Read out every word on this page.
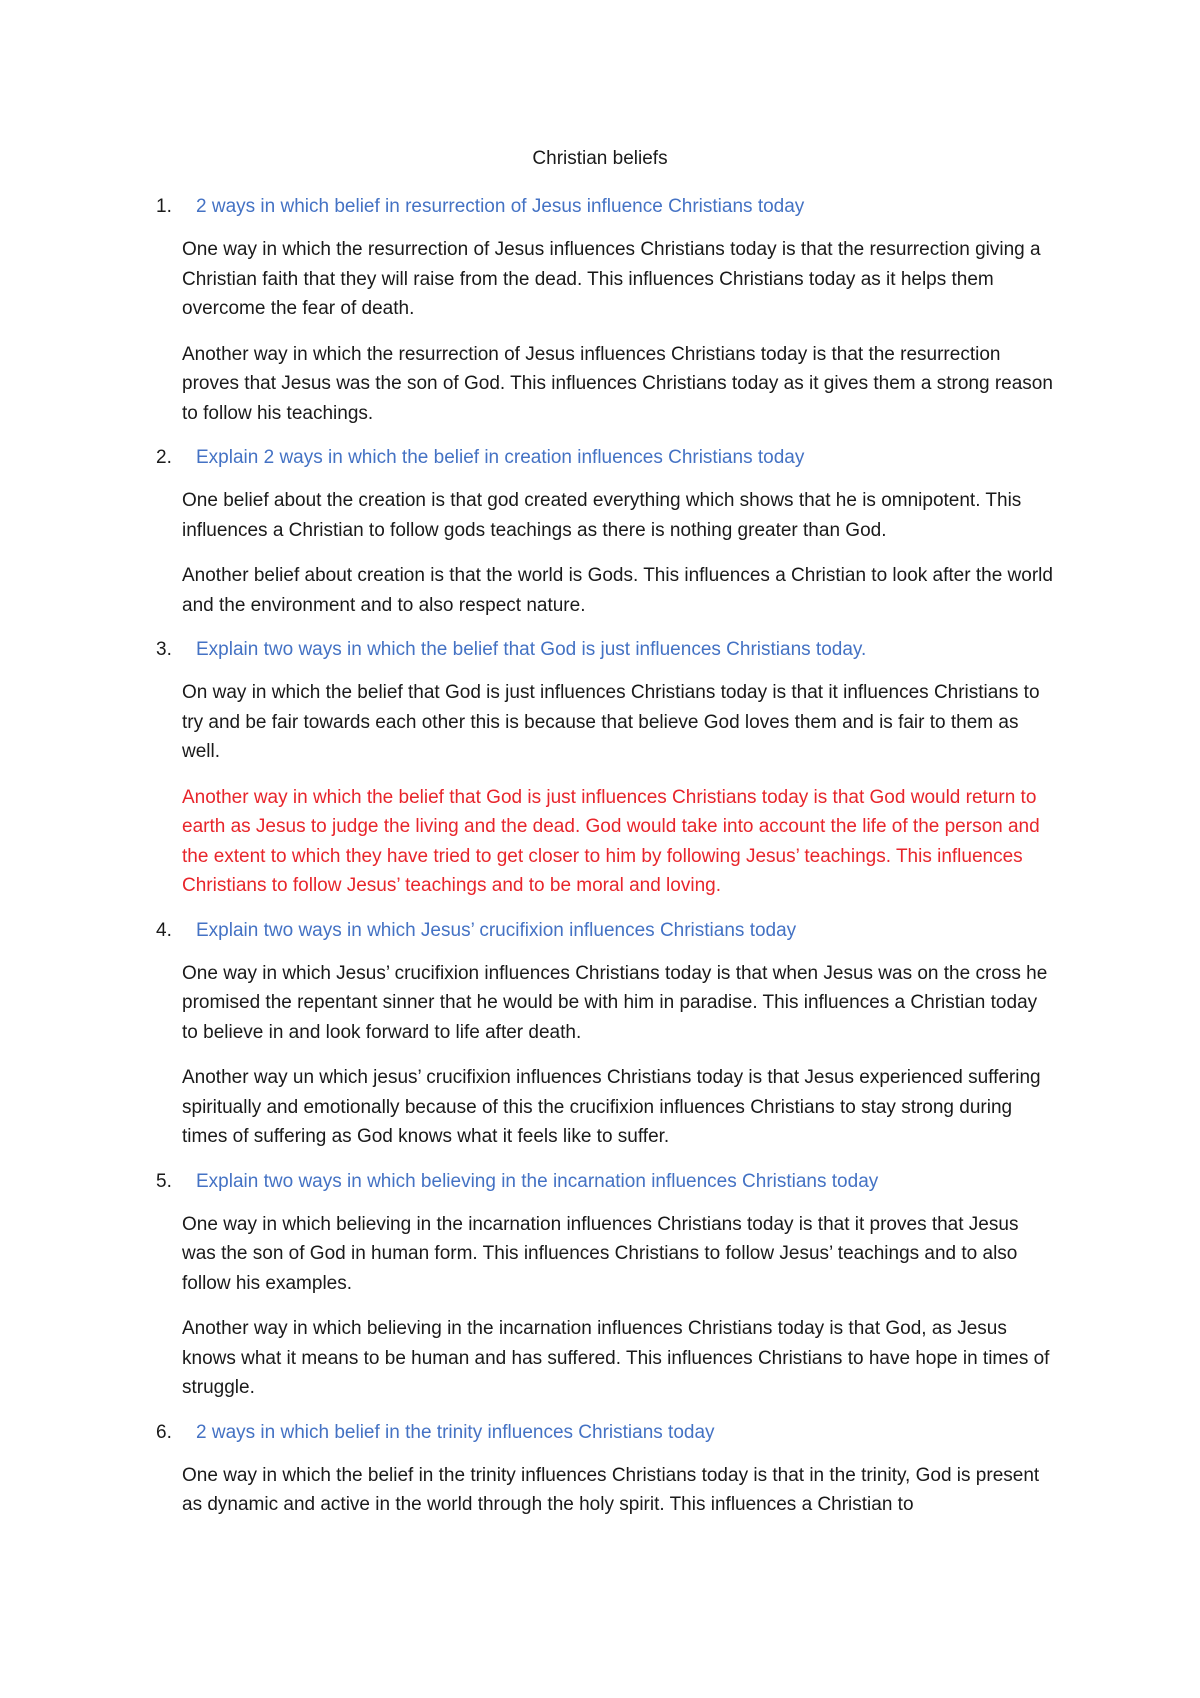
Christian beliefs
1. 2 ways in which belief in resurrection of Jesus influence Christians today

One way in which the resurrection of Jesus influences Christians today is that the resurrection giving a Christian faith that they will raise from the dead. This influences Christians today as it helps them overcome the fear of death.

Another way in which the resurrection of Jesus influences Christians today is that the resurrection proves that Jesus was the son of God. This influences Christians today as it gives them a strong reason to follow his teachings.

2. Explain 2 ways in which the belief in creation influences Christians today

One belief about the creation is that god created everything which shows that he is omnipotent. This influences a Christian to follow gods teachings as there is nothing greater than God.

Another belief about creation is that the world is Gods. This influences a Christian to look after the world and the environment and to also respect nature.

3. Explain two ways in which the belief that God is just influences Christians today.

On way in which the belief that God is just influences Christians today is that it influences Christians to try and be fair towards each other this is because that believe God loves them and is fair to them as well.

Another way in which the belief that God is just influences Christians today is that God would return to earth as Jesus to judge the living and the dead. God would take into account the life of the person and the extent to which they have tried to get closer to him by following Jesus’ teachings. This influences Christians to follow Jesus’ teachings and to be moral and loving.

4. Explain two ways in which Jesus’ crucifixion influences Christians today

One way in which Jesus’ crucifixion influences Christians today is that when Jesus was on the cross he promised the repentant sinner that he would be with him in paradise. This influences a Christian today to believe in and look forward to life after death.

Another way un which jesus’ crucifixion influences Christians today is that Jesus experienced suffering spiritually and emotionally because of this the crucifixion influences Christians to stay strong during times of suffering as God knows what it feels like to suffer.

5. Explain two ways in which believing in the incarnation influences Christians today

One way in which believing in the incarnation influences Christians today is that it proves that Jesus was the son of God in human form. This influences Christians to follow Jesus’ teachings and to also follow his examples.

Another way in which believing in the incarnation influences Christians today is that God, as Jesus knows what it means to be human and has suffered. This influences Christians to have hope in times of struggle.

6. 2 ways in which belief in the trinity influences Christians today

One way in which the belief in the trinity influences Christians today is that in the trinity, God is present as dynamic and active in the world through the holy spirit. This influences a Christian to
